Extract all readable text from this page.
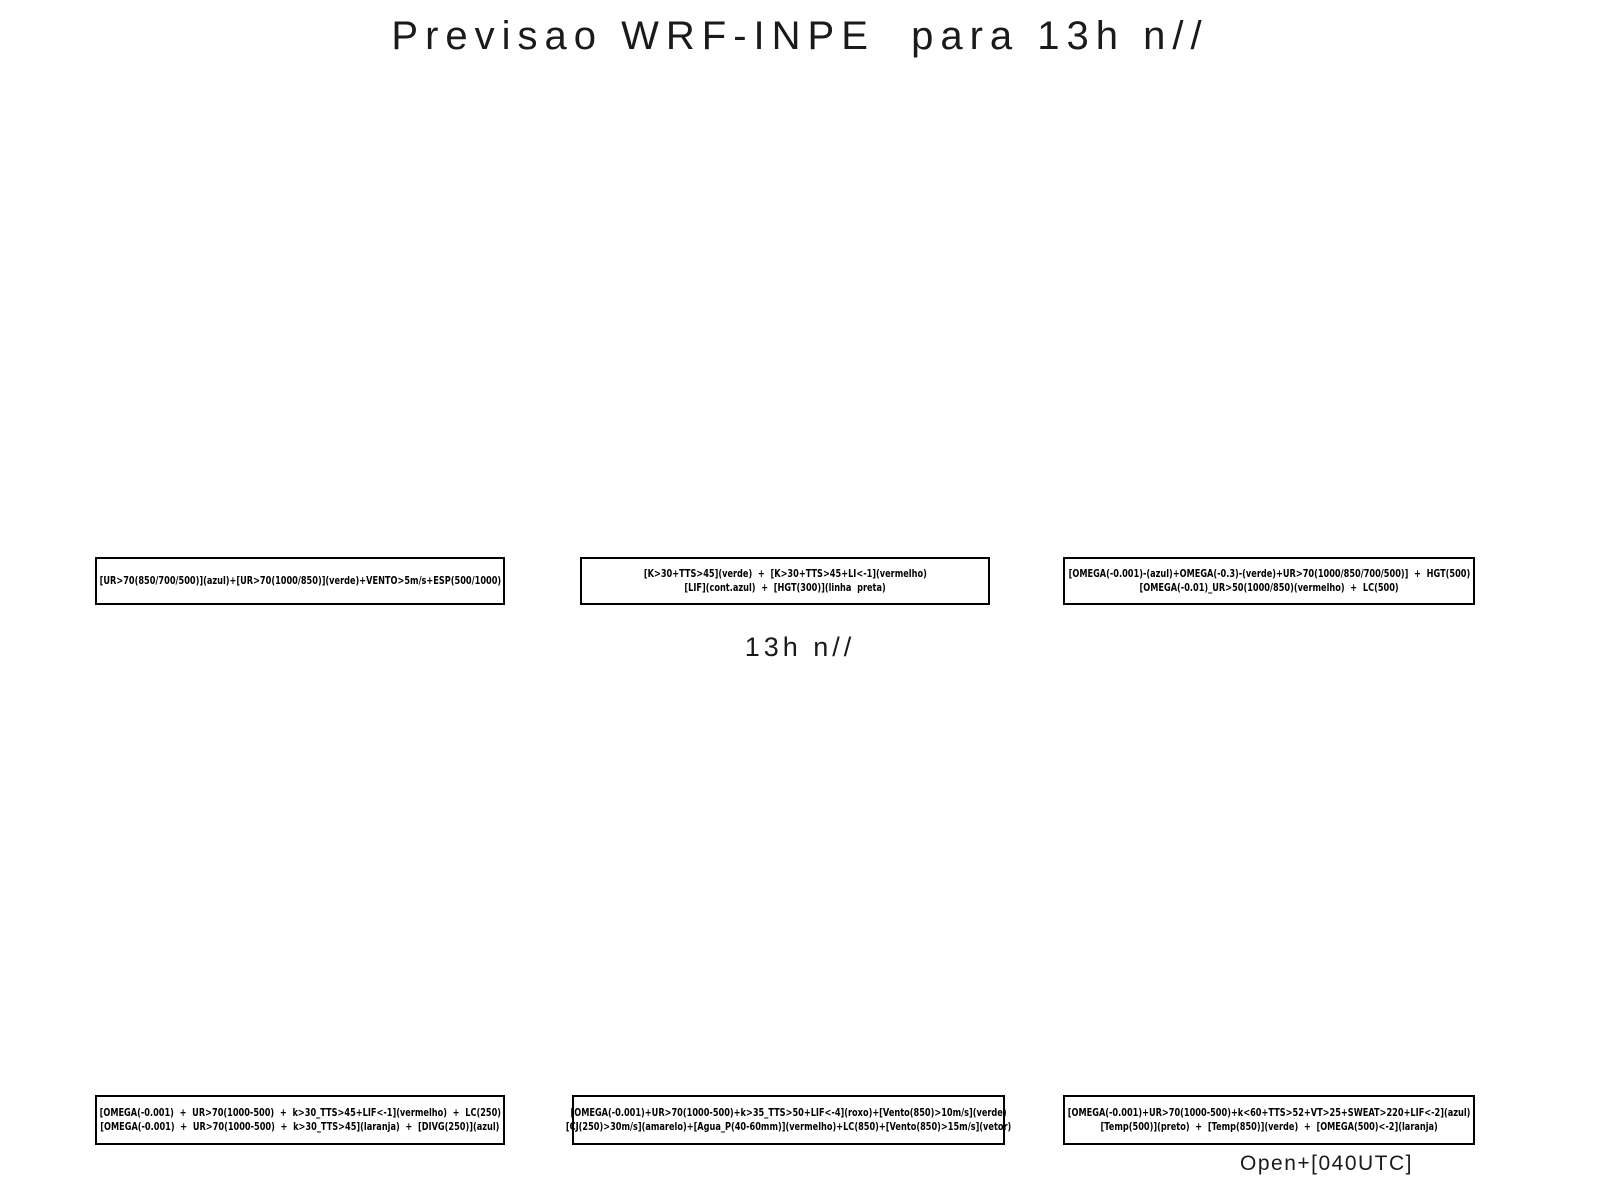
Previsao WRF-INPE  para 13h n//
[UR>70(850/700/500)](azul)+[UR>70(1000/850)](verde)+VENTO>5m/s+ESP(500/1000)
[K>30+TTS>45](verde)  +  [K>30+TTS>45+LI<-1](vermelho)
[LIF](cont.azul)  +  [HGT(300)](linha  preta)
[OMEGA(-0.001)-(azul)+OMEGA(-0.3)-(verde)+UR>70(1000/850/700/500)]  +  HGT(500)
[OMEGA(-0.01)_UR>50(1000/850)(vermelho)  +  LC(500)
13h n//
[OMEGA(-0.001)  +  UR>70(1000-500)  +  k>30_TTS>45+LIF<-1](vermelho)  +  LC(250)
[OMEGA(-0.001)  +  UR>70(1000-500)  +  k>30_TTS>45](laranja)  +  [DIVG(250)](azul)
[OMEGA(-0.001)+UR>70(1000-500)+k>35_TTS>50+LIF<-4](roxo)+[Vento(850)>10m/s](verde)
[CJ(250)>30m/s](amarelo)+[Agua_P(40-60mm)](vermelho)+LC(850)+[Vento(850)>15m/s](vetor)
[OMEGA(-0.001)+UR>70(1000-500)+k<60+TTS>52+VT>25+SWEAT>220+LIF<-2](azul)
[Temp(500)](preto)  +  [Temp(850)](verde)  +  [OMEGA(500)<-2](laranja)
Open+[040UTC]
